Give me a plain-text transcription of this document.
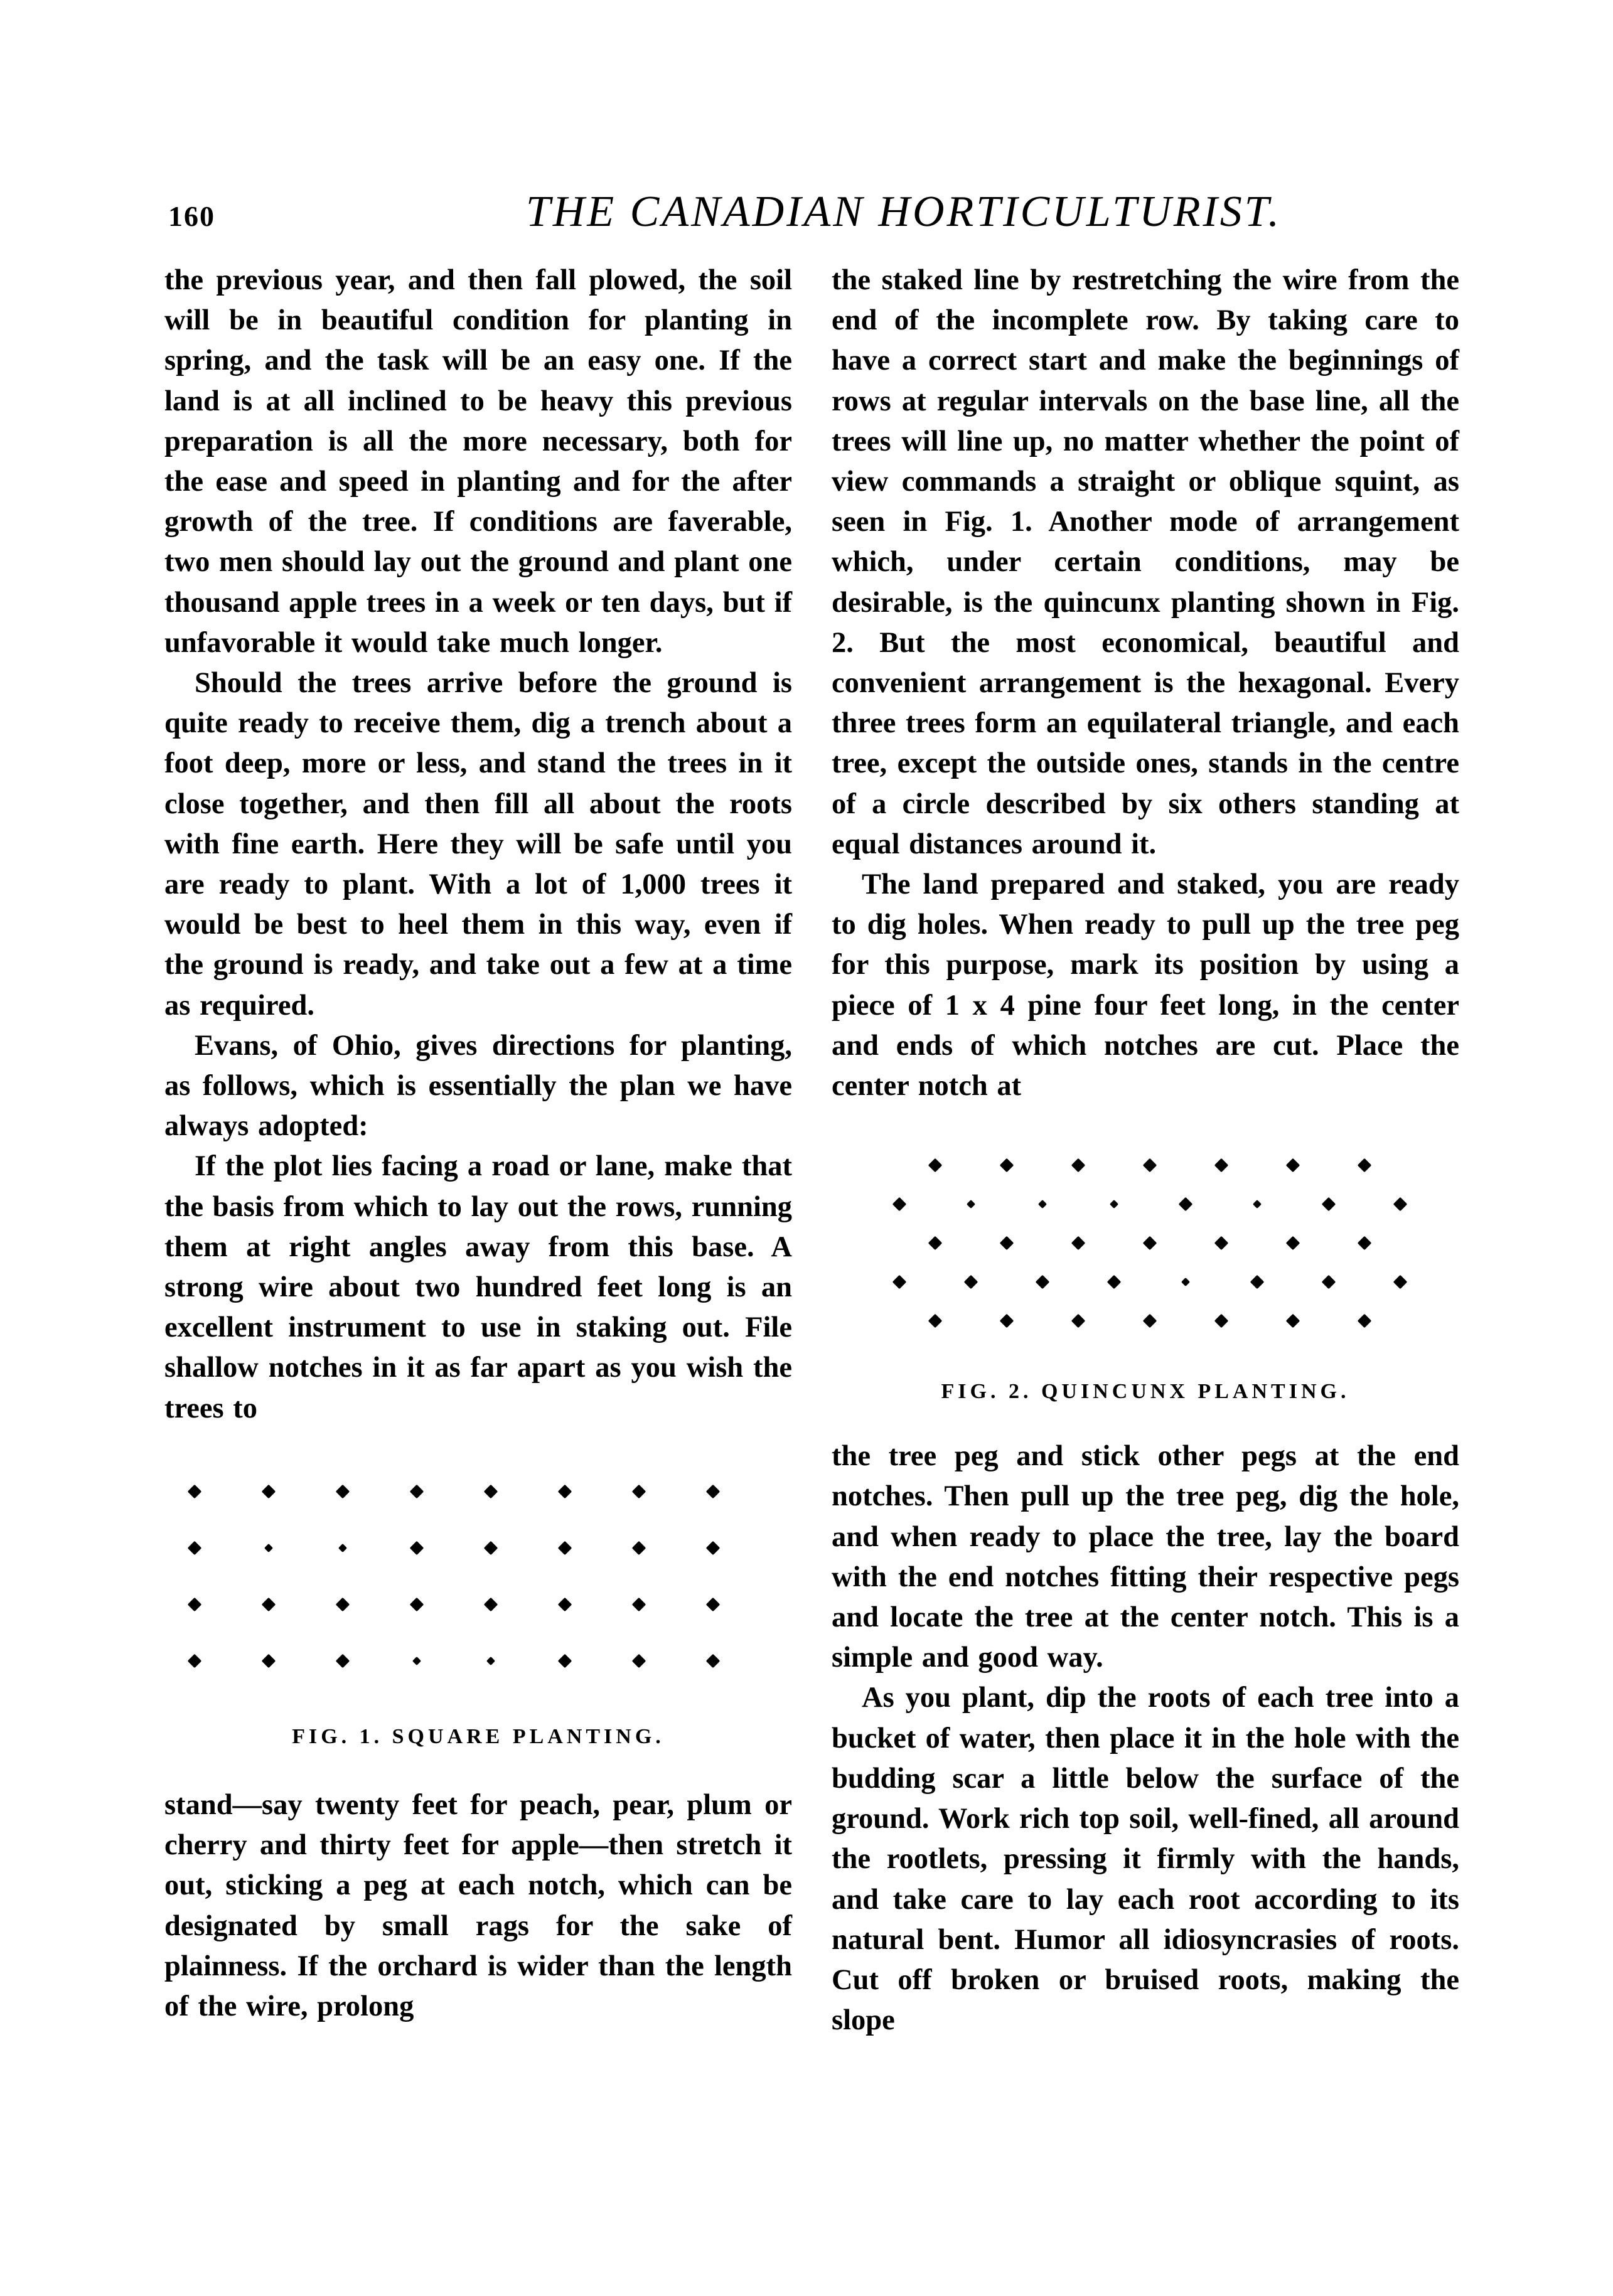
160	THE CANADIAN HORTICULTURIST.

the previous year, and then fall plowed, the soil will be in beautiful condition for planting in spring, and the task will be an easy one. If the land is at all inclined to be heavy this previous preparation is all the more necessary, both for the ease and speed in planting and for the after growth of the tree. If conditions are faverable, two men should lay out the ground and plant one thousand apple trees in a week or ten days, but if unfavorable it would take much longer.

Should the trees arrive before the ground is quite ready to receive them, dig a trench about a foot deep, more or less, and stand the trees in it close together, and then fill all about the roots with fine earth. Here they will be safe until you are ready to plant. With a lot of 1,000 trees it would be best to heel them in this way, even if the ground is ready, and take out a few at a time as required.

Evans, of Ohio, gives directions for planting, as follows, which is essentially the plan we have always adopted:

If the plot lies facing a road or lane, make that the basis from which to lay out the rows, running them at right angles away from this base. A strong wire about two hundred feet long is an excellent instrument to use in staking out. File shallow notches in it as far apart as you wish the trees to

FIG. 1. SQUARE PLANTING.

stand—say twenty feet for peach, pear, plum or cherry and thirty feet for apple—then stretch it out, sticking a peg at each notch, which can be designated by small rags for the sake of plainness. If the orchard is wider than the length of the wire, prolong

the staked line by restretching the wire from the end of the incomplete row. By taking care to have a correct start and make the beginnings of rows at regular intervals on the base line, all the trees will line up, no matter whether the point of view commands a straight or oblique squint, as seen in Fig. 1. Another mode of arrangement which, under certain conditions, may be desirable, is the quincunx planting shown in Fig. 2. But the most economical, beautiful and convenient arrangement is the hexagonal. Every three trees form an equilateral triangle, and each tree, except the outside ones, stands in the centre of a circle described by six others standing at equal distances around it.

The land prepared and staked, you are ready to dig holes. When ready to pull up the tree peg for this purpose, mark its position by using a piece of 1 x 4 pine four feet long, in the center and ends of which notches are cut. Place the center notch at

FIG. 2. QUINCUNX PLANTING.

the tree peg and stick other pegs at the end notches. Then pull up the tree peg, dig the hole, and when ready to place the tree, lay the board with the end notches fitting their respective pegs and locate the tree at the center notch. This is a simple and good way.

As you plant, dip the roots of each tree into a bucket of water, then place it in the hole with the budding scar a little below the surface of the ground. Work rich top soil, well-fined, all around the rootlets, pressing it firmly with the hands, and take care to lay each root according to its natural bent. Humor all idiosyncrasies of roots. Cut off broken or bruised roots, making the slope
